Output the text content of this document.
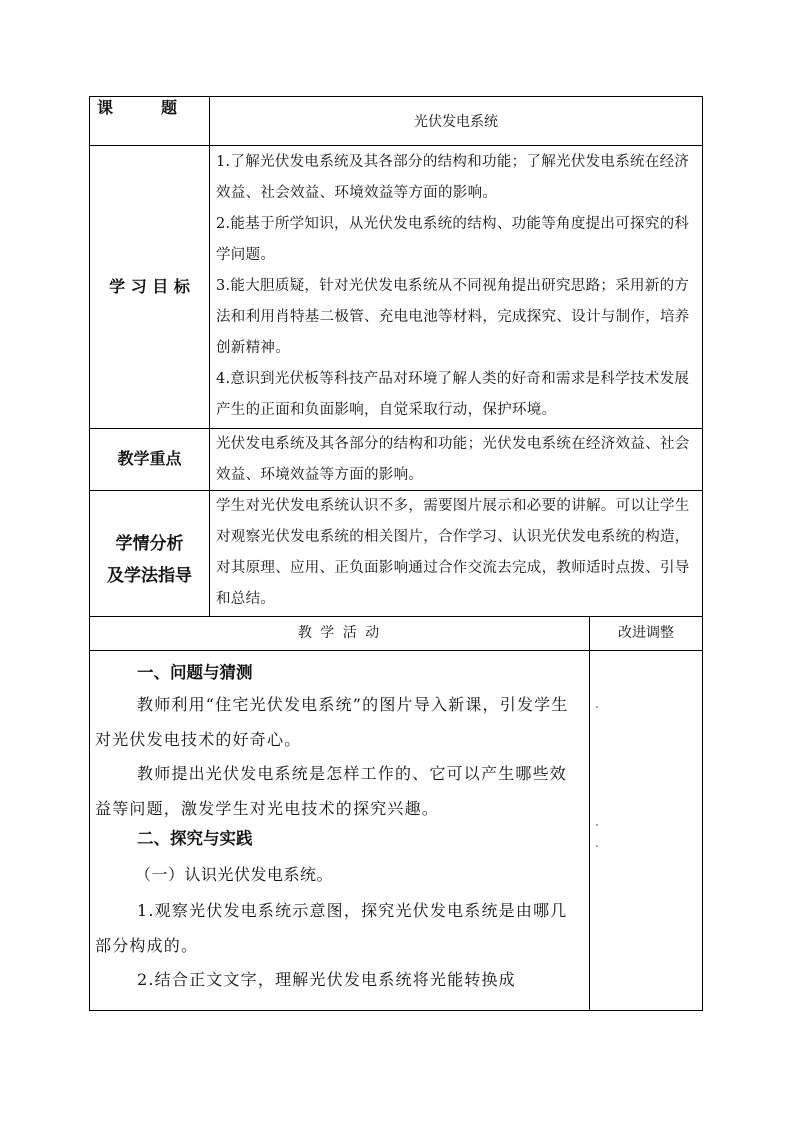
课　　　题
光伏发电系统
学 习 目 标

1.了解光伏发电系统及其各部分的结构和功能；了解光伏发电系统在经济效益、社会效益、环境效益等方面的影响。

2.能基于所学知识，从光伏发电系统的结构、功能等角度提出可探究的科学问题。

3.能大胆质疑，针对光伏发电系统从不同视角提出研究思路；采用新的方法和利用肖特基二极管、充电电池等材料，完成探究、设计与制作，培养创新精神。

4.意识到光伏板等科技产品对环境了解人类的好奇和需求是科学技术发展产生的正面和负面影响，自觉采取行动，保护环境。

教学重点
光伏发电系统及其各部分的结构和功能；光伏发电系统在经济效益、社会效益、环境效益等方面的影响。
学情分析
及学法指导
学生对光伏发电系统认识不多，需要图片展示和必要的讲解。可以让学生对观察光伏发电系统的相关图片，合作学习、认识光伏发电系统的构造，对其原理、应用、正负面影响通过合作交流去完成，教师适时点拨、引导和总结。
教 学 活 动	改进调整
一、问题与猜测
教师利用“住宅光伏发电系统”的图片导入新课，引发学生对光伏发电技术的好奇心。
教师提出光伏发电系统是怎样工作的、它可以产生哪些效益等问题，激发学生对光电技术的探究兴趣。
二、探究与实践
（一）认识光伏发电系统。
1.观察光伏发电系统示意图，探究光伏发电系统是由哪几部分构成的。
2.结合正文文字，理解光伏发电系统将光能转换成
